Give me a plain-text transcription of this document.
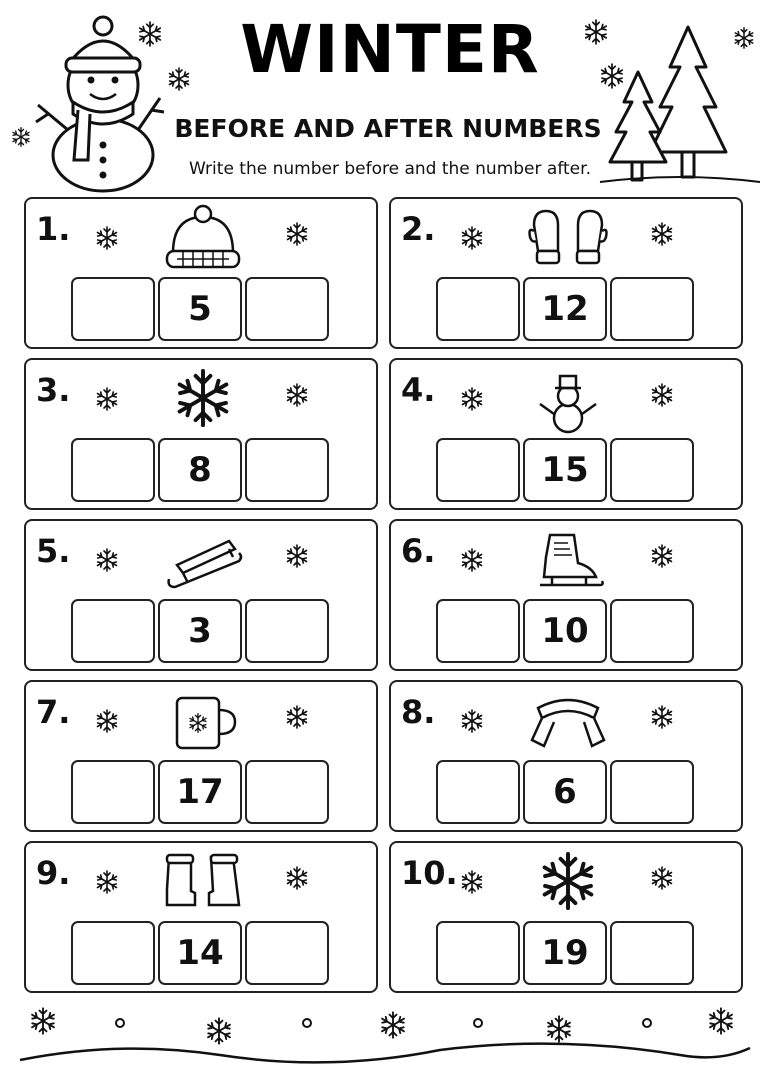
WINTER
BEFORE AND AFTER NUMBERS
Write the number before and the number after.
1.
5
2.
12
3.
8
4.
15
5.
3
6.
10
7.
17
8.
6
9.
14
10.
19
